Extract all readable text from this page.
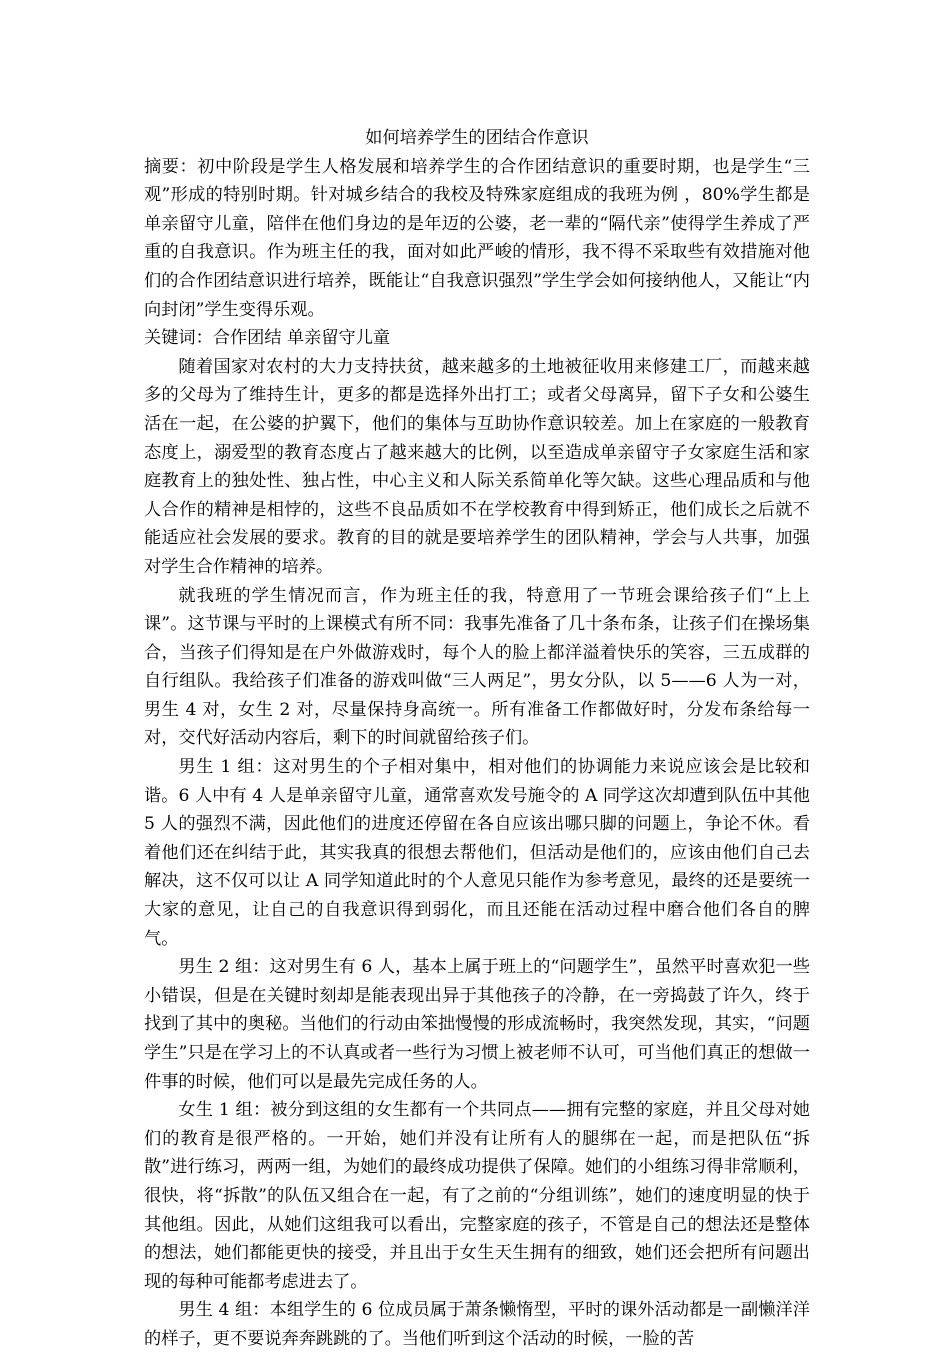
如何培养学生的团结合作意识

摘要：初中阶段是学生人格发展和培养学生的合作团结意识的重要时期，也是学生“三观”形成的特别时期。针对城乡结合的我校及特殊家庭组成的我班为例 ，80%学生都是单亲留守儿童，陪伴在他们身边的是年迈的公婆，老一辈的“隔代亲”使得学生养成了严重的自我意识。作为班主任的我，面对如此严峻的情形，我不得不采取些有效措施对他们的合作团结意识进行培养，既能让“自我意识强烈”学生学会如何接纳他人，又能让“内向封闭”学生变得乐观。

关键词：合作团结 单亲留守儿童

随着国家对农村的大力支持扶贫，越来越多的土地被征收用来修建工厂，而越来越多的父母为了维持生计，更多的都是选择外出打工；或者父母离异，留下子女和公婆生活在一起，在公婆的护翼下，他们的集体与互助协作意识较差。加上在家庭的一般教育态度上，溺爱型的教育态度占了越来越大的比例，以至造成单亲留守子女家庭生活和家庭教育上的独处性、独占性，中心主义和人际关系简单化等欠缺。这些心理品质和与他人合作的精神是相悖的，这些不良品质如不在学校教育中得到矫正，他们成长之后就不能适应社会发展的要求。教育的目的就是要培养学生的团队精神，学会与人共事，加强对学生合作精神的培养。

就我班的学生情况而言，作为班主任的我，特意用了一节班会课给孩子们“上上课”。这节课与平时的上课模式有所不同：我事先准备了几十条布条，让孩子们在操场集合，当孩子们得知是在户外做游戏时，每个人的脸上都洋溢着快乐的笑容，三五成群的自行组队。我给孩子们准备的游戏叫做“三人两足”，男女分队，以 5——6 人为一对，男生 4 对，女生 2 对，尽量保持身高统一。所有准备工作都做好时，分发布条给每一对，交代好活动内容后，剩下的时间就留给孩子们。

男生 1 组：这对男生的个子相对集中，相对他们的协调能力来说应该会是比较和谐。6 人中有 4 人是单亲留守儿童，通常喜欢发号施令的 A 同学这次却遭到队伍中其他 5 人的强烈不满，因此他们的进度还停留在各自应该出哪只脚的问题上，争论不休。看着他们还在纠结于此，其实我真的很想去帮他们，但活动是他们的，应该由他们自己去解决，这不仅可以让 A 同学知道此时的个人意见只能作为参考意见，最终的还是要统一大家的意见，让自己的自我意识得到弱化，而且还能在活动过程中磨合他们各自的脾气。

男生 2 组：这对男生有 6 人，基本上属于班上的“问题学生”，虽然平时喜欢犯一些小错误，但是在关键时刻却是能表现出异于其他孩子的冷静，在一旁捣鼓了许久，终于找到了其中的奥秘。当他们的行动由笨拙慢慢的形成流畅时，我突然发现，其实，“问题学生”只是在学习上的不认真或者一些行为习惯上被老师不认可，可当他们真正的想做一件事的时候，他们可以是最先完成任务的人。

女生 1 组：被分到这组的女生都有一个共同点——拥有完整的家庭，并且父母对她们的教育是很严格的。一开始，她们并没有让所有人的腿绑在一起，而是把队伍“拆散”进行练习，两两一组，为她们的最终成功提供了保障。她们的小组练习得非常顺利，很快，将“拆散”的队伍又组合在一起，有了之前的“分组训练”，她们的速度明显的快于其他组。因此，从她们这组我可以看出，完整家庭的孩子，不管是自己的想法还是整体的想法，她们都能更快的接受，并且出于女生天生拥有的细致，她们还会把所有问题出现的每种可能都考虑进去了。

男生 4 组：本组学生的 6 位成员属于萧条懒惰型，平时的课外活动都是一副懒洋洋的样子，更不要说奔奔跳跳的了。当他们听到这个活动的时候，一脸的苦
